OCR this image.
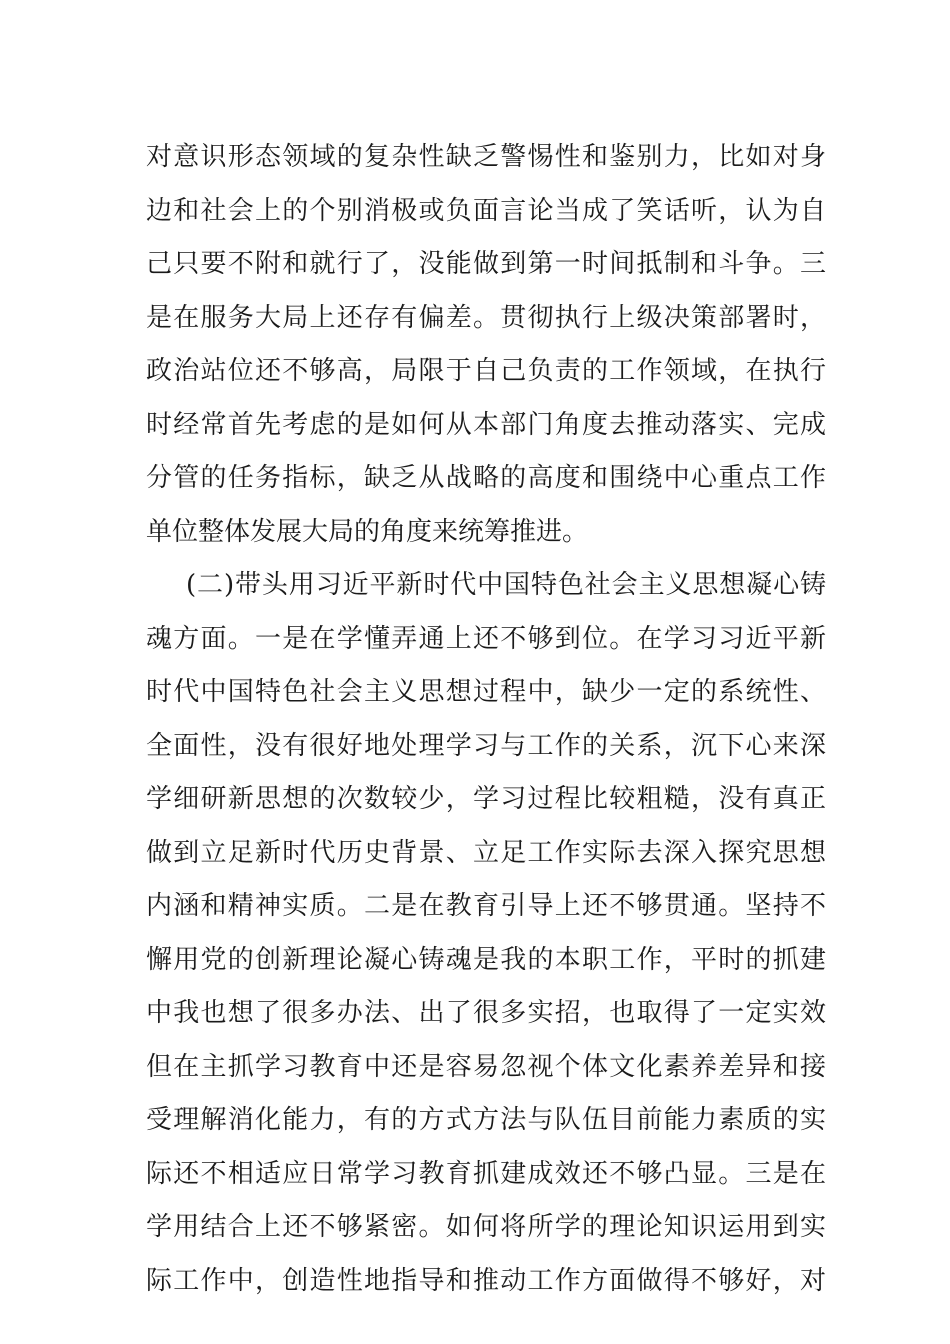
对意识形态领域的复杂性缺乏警惕性和鉴别力，比如对身
边和社会上的个别消极或负面言论当成了笑话听，认为自
己只要不附和就行了，没能做到第一时间抵制和斗争。三
是在服务大局上还存有偏差。贯彻执行上级决策部署时，
政治站位还不够高，局限于自己负责的工作领域，在执行
时经常首先考虑的是如何从本部门角度去推动落实、完成
分管的任务指标，缺乏从战略的高度和围绕中心重点工作
单位整体发展大局的角度来统筹推进。
(二)带头用习近平新时代中国特色社会主义思想凝心铸
魂方面。一是在学懂弄通上还不够到位。在学习习近平新
时代中国特色社会主义思想过程中，缺少一定的系统性、
全面性，没有很好地处理学习与工作的关系，沉下心来深
学细研新思想的次数较少，学习过程比较粗糙，没有真正
做到立足新时代历史背景、立足工作实际去深入探究思想
内涵和精神实质。二是在教育引导上还不够贯通。坚持不
懈用党的创新理论凝心铸魂是我的本职工作，平时的抓建
中我也想了很多办法、出了很多实招，也取得了一定实效
但在主抓学习教育中还是容易忽视个体文化素养差异和接
受理解消化能力，有的方式方法与队伍目前能力素质的实
际还不相适应日常学习教育抓建成效还不够凸显。三是在
学用结合上还不够紧密。如何将所学的理论知识运用到实
际工作中，创造性地指导和推动工作方面做得不够好，对
